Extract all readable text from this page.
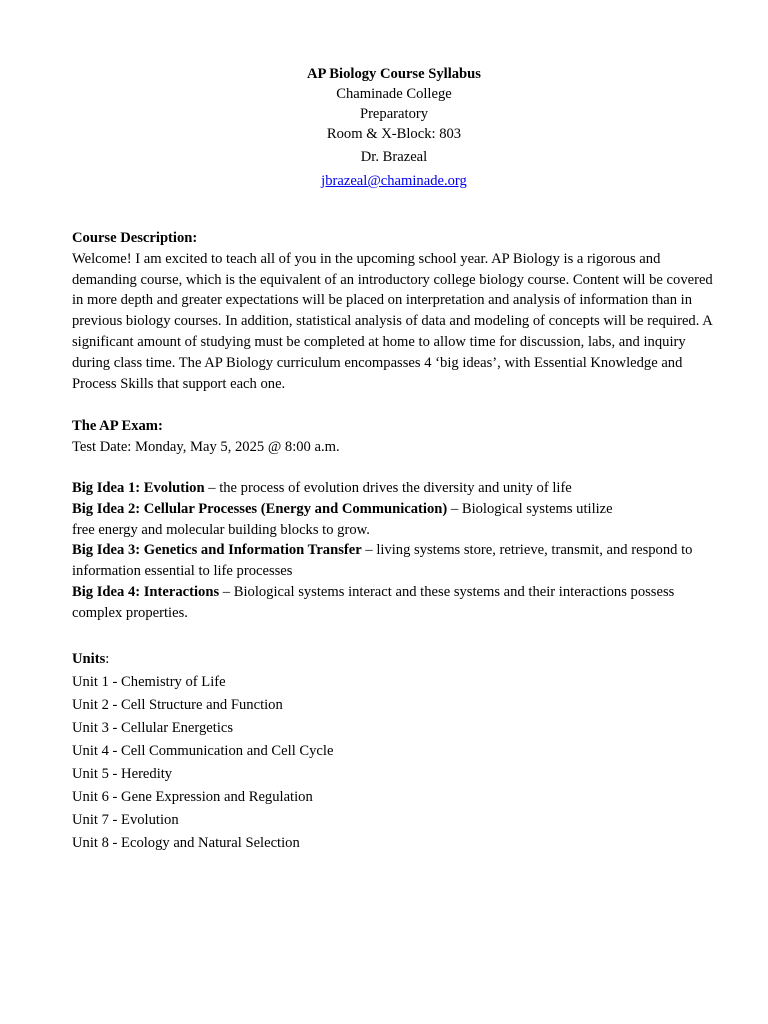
AP Biology Course Syllabus

Chaminade College

Preparatory

Room & X-Block: 803

Dr. Brazeal

jbrazeal@chaminade.org

Course Description:

Welcome! I am excited to teach all of you in the upcoming school year. AP Biology is a rigorous and demanding course, which is the equivalent of an introductory college biology course. Content will be covered in more depth and greater expectations will be placed on interpretation and analysis of information than in previous biology courses. In addition, statistical analysis of data and modeling of concepts will be required. A significant amount of studying must be completed at home to allow time for discussion, labs, and inquiry during class time. The AP Biology curriculum encompasses 4 ‘big ideas’, with Essential Knowledge and Process Skills that support each one.

The AP Exam:

Test Date: Monday, May 5, 2025 @ 8:00 a.m.

Big Idea 1: Evolution – the process of evolution drives the diversity and unity of life

Big Idea 2: Cellular Processes (Energy and Communication) – Biological systems utilize free energy and molecular building blocks to grow.

Big Idea 3: Genetics and Information Transfer – living systems store, retrieve, transmit, and respond to information essential to life processes

Big Idea 4: Interactions – Biological systems interact and these systems and their interactions possess complex properties.

Units:

Unit 1 - Chemistry of Life

Unit 2 - Cell Structure and Function

Unit 3 - Cellular Energetics

Unit 4 - Cell Communication and Cell Cycle

Unit 5 - Heredity

Unit 6 - Gene Expression and Regulation

Unit 7 - Evolution

Unit 8 - Ecology and Natural Selection
